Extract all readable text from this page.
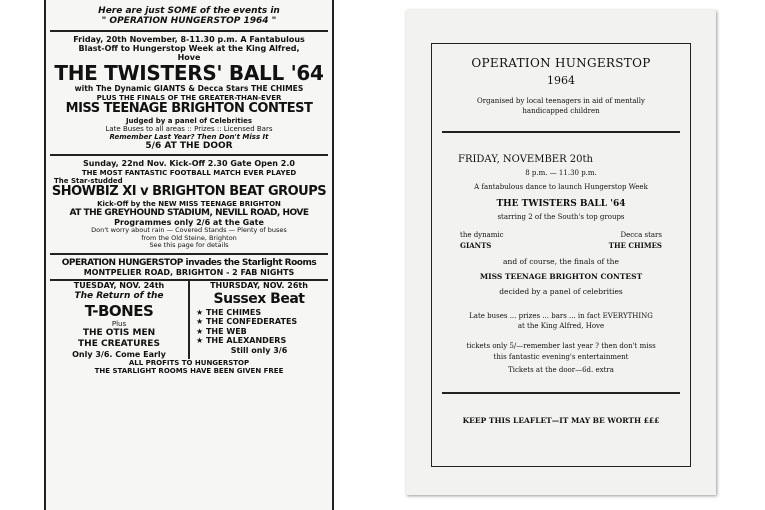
Here are just SOME of the events in
" OPERATION HUNGERSTOP 1964 "
Friday, 20th November, 8-11.30 p.m. A Fantabulous
Blast-Off to Hungerstop Week at the King Alfred,
Hove
THE TWISTERS' BALL '64
with The Dynamic GIANTS & Decca Stars THE CHIMES
PLUS THE FINALS OF THE GREATER-THAN-EVER
MISS TEENAGE BRIGHTON CONTEST
Judged by a panel of Celebrities
Late Buses to all areas :: Prizes :: Licensed Bars
Remember Last Year? Then Don't Miss It
5/6 AT THE DOOR
Sunday, 22nd Nov. Kick-Off 2.30 Gate Open 2.0
THE MOST FANTASTIC FOOTBALL MATCH EVER PLAYED
The Star-studded
SHOWBIZ XI v BRIGHTON BEAT GROUPS
Kick-Off by the NEW MISS TEENAGE BRIGHTON
AT THE GREYHOUND STADIUM, NEVILL ROAD, HOVE
Programmes only 2/6 at the Gate
Don't worry about rain — Covered Stands — Plenty of buses
from the Old Steine, Brighton
See this page for details
OPERATION HUNGERSTOP invades the Starlight Rooms
MONTPELIER ROAD, BRIGHTON - 2 FAB NIGHTS
TUESDAY, NOV. 24th
The Return of the
T-BONES
Plus
THE OTIS MEN
THE CREATURES
Only 3/6. Come Early
THURSDAY, NOV. 26th
Sussex Beat
★ THE CHIMES
★ THE CONFEDERATES
★ THE WEB
★ THE ALEXANDERS
Still only 3/6
ALL PROFITS TO HUNGERSTOP
THE STARLIGHT ROOMS HAVE BEEN GIVEN FREE
OPERATION HUNGERSTOP
1964
Organised by local teenagers in aid of mentally
handicapped children
FRIDAY, NOVEMBER 20th
8 p.m. — 11.30 p.m.
A fantabulous dance to launch Hungerstop Week
THE TWISTERS BALL '64
starring 2 of the South's top groups
the dynamic	Decca stars
GIANTS	THE CHIMES
and of course, the finals of the
MISS TEENAGE BRIGHTON CONTEST
decided by a panel of celebrities
Late buses ... prizes ... bars ... in fact EVERYTHING
at the King Alfred, Hove
tickets only 5/—remember last year ? then don't miss
this fantastic evening's entertainment
Tickets at the door—6d. extra
KEEP THIS LEAFLET—IT MAY BE WORTH £££
